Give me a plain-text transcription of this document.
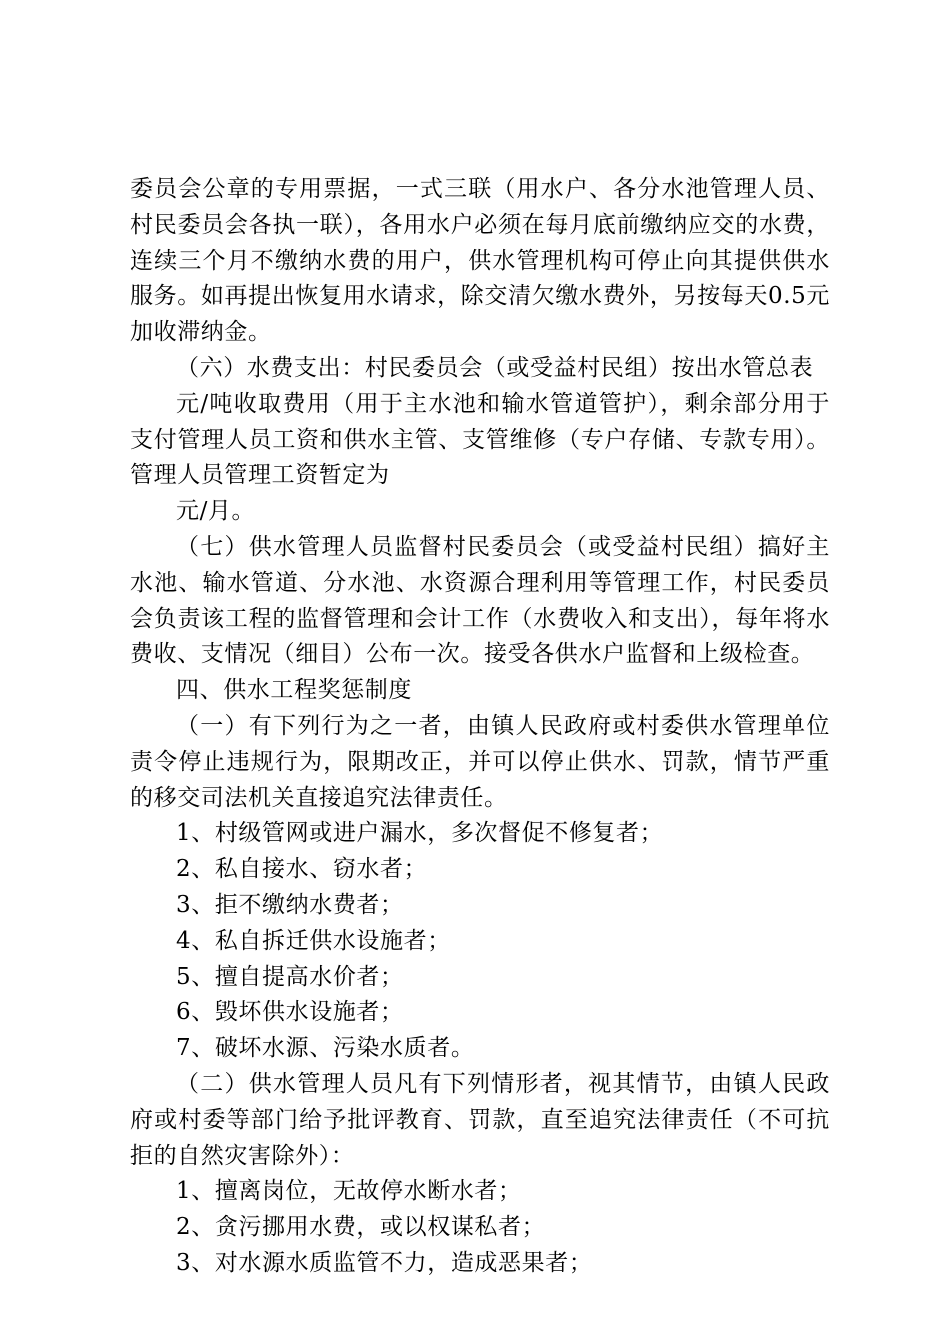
委员会公章的专用票据，一式三联（用水户、各分水池管理人员、村民委员会各执一联），各用水户必须在每月底前缴纳应交的水费，连续三个月不缴纳水费的用户，供水管理机构可停止向其提供供水服务。如再提出恢复用水请求，除交清欠缴水费外，另按每天0.5元加收滞纳金。

（六）水费支出：村民委员会（或受益村民组）按出水管总表

元/吨收取费用（用于主水池和输水管道管护），剩余部分用于支付管理人员工资和供水主管、支管维修（专户存储、专款专用）。管理人员管理工资暂定为

元/月。

（七）供水管理人员监督村民委员会（或受益村民组）搞好主水池、输水管道、分水池、水资源合理利用等管理工作，村民委员会负责该工程的监督管理和会计工作（水费收入和支出），每年将水费收、支情况（细目）公布一次。接受各供水户监督和上级检查。

四、供水工程奖惩制度

（一）有下列行为之一者，由镇人民政府或村委供水管理单位责令停止违规行为，限期改正，并可以停止供水、罚款，情节严重的移交司法机关直接追究法律责任。

1、村级管网或进户漏水，多次督促不修复者；

2、私自接水、窃水者；

3、拒不缴纳水费者；

4、私自拆迁供水设施者；

5、擅自提高水价者；

6、毁坏供水设施者；

7、破坏水源、污染水质者。

（二）供水管理人员凡有下列情形者，视其情节，由镇人民政府或村委等部门给予批评教育、罚款，直至追究法律责任（不可抗拒的自然灾害除外）：

1、擅离岗位，无故停水断水者；

2、贪污挪用水费，或以权谋私者；

3、对水源水质监管不力，造成恶果者；
